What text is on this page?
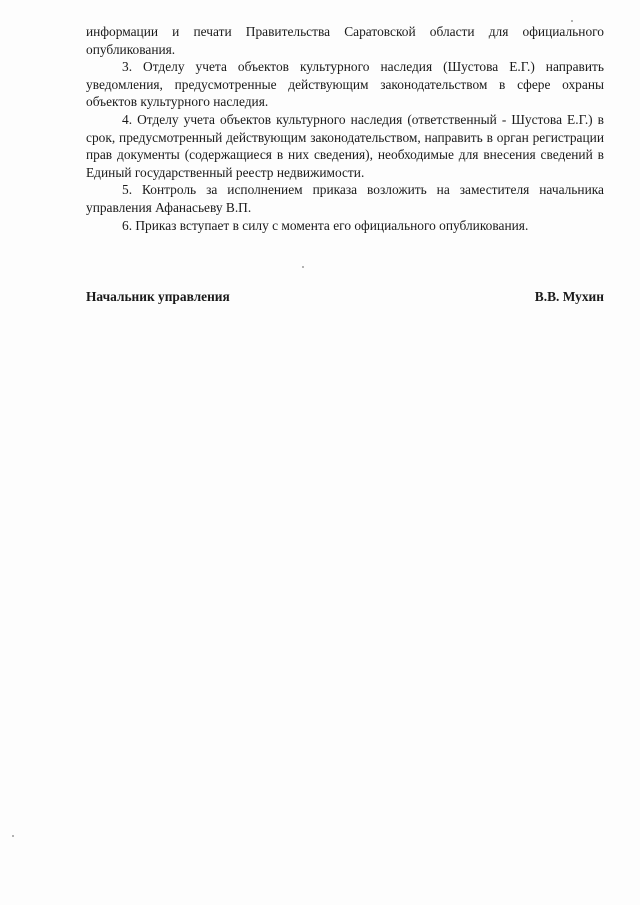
информации и печати Правительства Саратовской области для официального опубликования.

3. Отделу учета объектов культурного наследия (Шустова Е.Г.) направить уведомления, предусмотренные действующим законодательством в сфере охраны объектов культурного наследия.

4. Отделу учета объектов культурного наследия (ответственный - Шустова Е.Г.) в срок, предусмотренный действующим законодательством, направить в орган регистрации прав документы (содержащиеся в них сведения), необходимые для внесения сведений в Единый государственный реестр недвижимости.

5. Контроль за исполнением приказа возложить на заместителя начальника управления Афанасьеву В.П.

6. Приказ вступает в силу с момента его официального опубликования.

Начальник управления	В.В. Мухин
